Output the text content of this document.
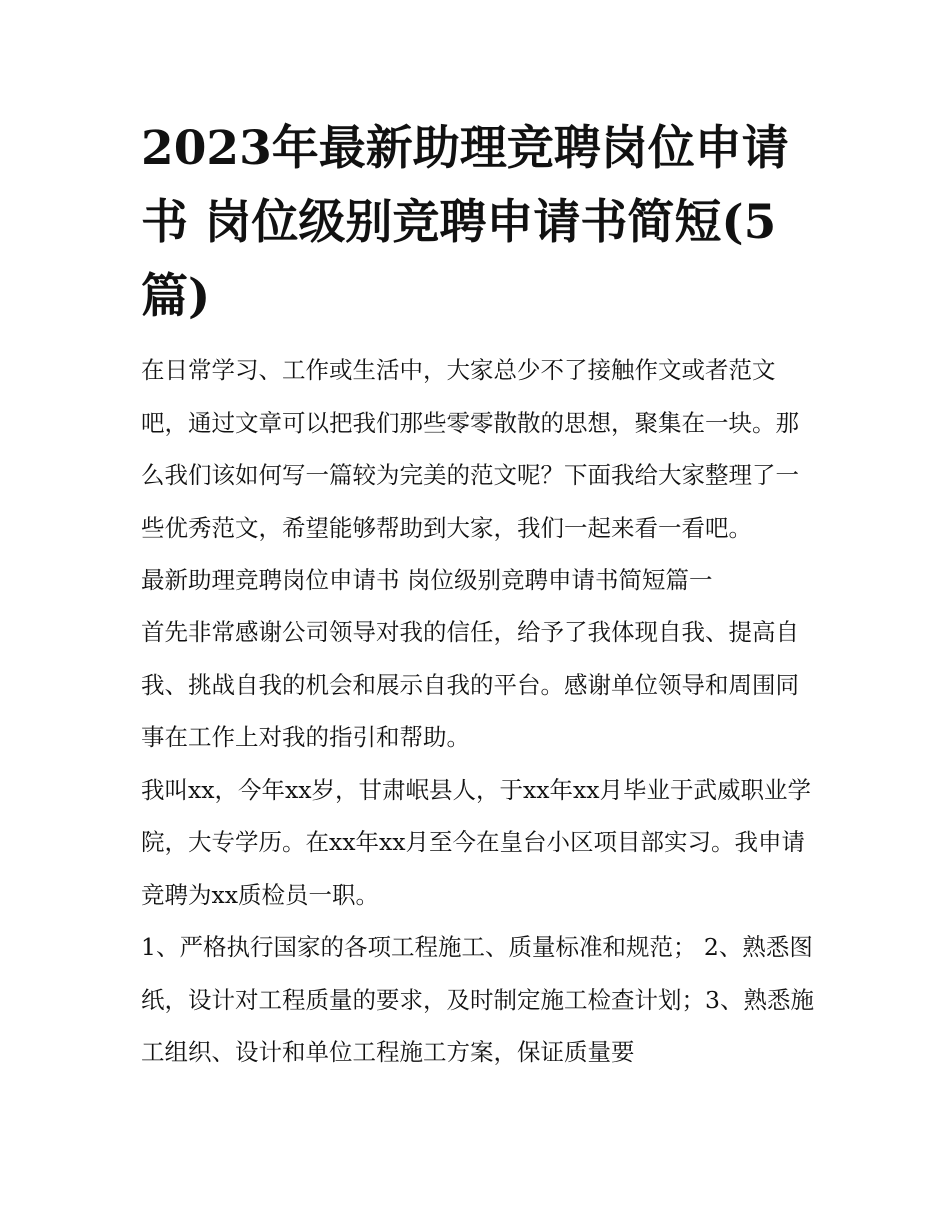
2023年最新助理竞聘岗位申请书 岗位级别竞聘申请书简短(5篇)

在日常学习、工作或生活中，大家总少不了接触作文或者范文吧，通过文章可以把我们那些零零散散的思想，聚集在一块。那么我们该如何写一篇较为完美的范文呢？下面我给大家整理了一些优秀范文，希望能够帮助到大家，我们一起来看一看吧。

最新助理竞聘岗位申请书 岗位级别竞聘申请书简短篇一

首先非常感谢公司领导对我的信任，给予了我体现自我、提高自我、挑战自我的机会和展示自我的平台。感谢单位领导和周围同事在工作上对我的指引和帮助。

我叫xx，今年xx岁，甘肃岷县人，于xx年xx月毕业于武威职业学院，大专学历。在xx年xx月至今在皇台小区项目部实习。我申请竞聘为xx质检员一职。

1、严格执行国家的各项工程施工、质量标准和规范； 2、熟悉图纸，设计对工程质量的要求，及时制定施工检查计划；3、熟悉施工组织、设计和单位工程施工方案，保证质量要
